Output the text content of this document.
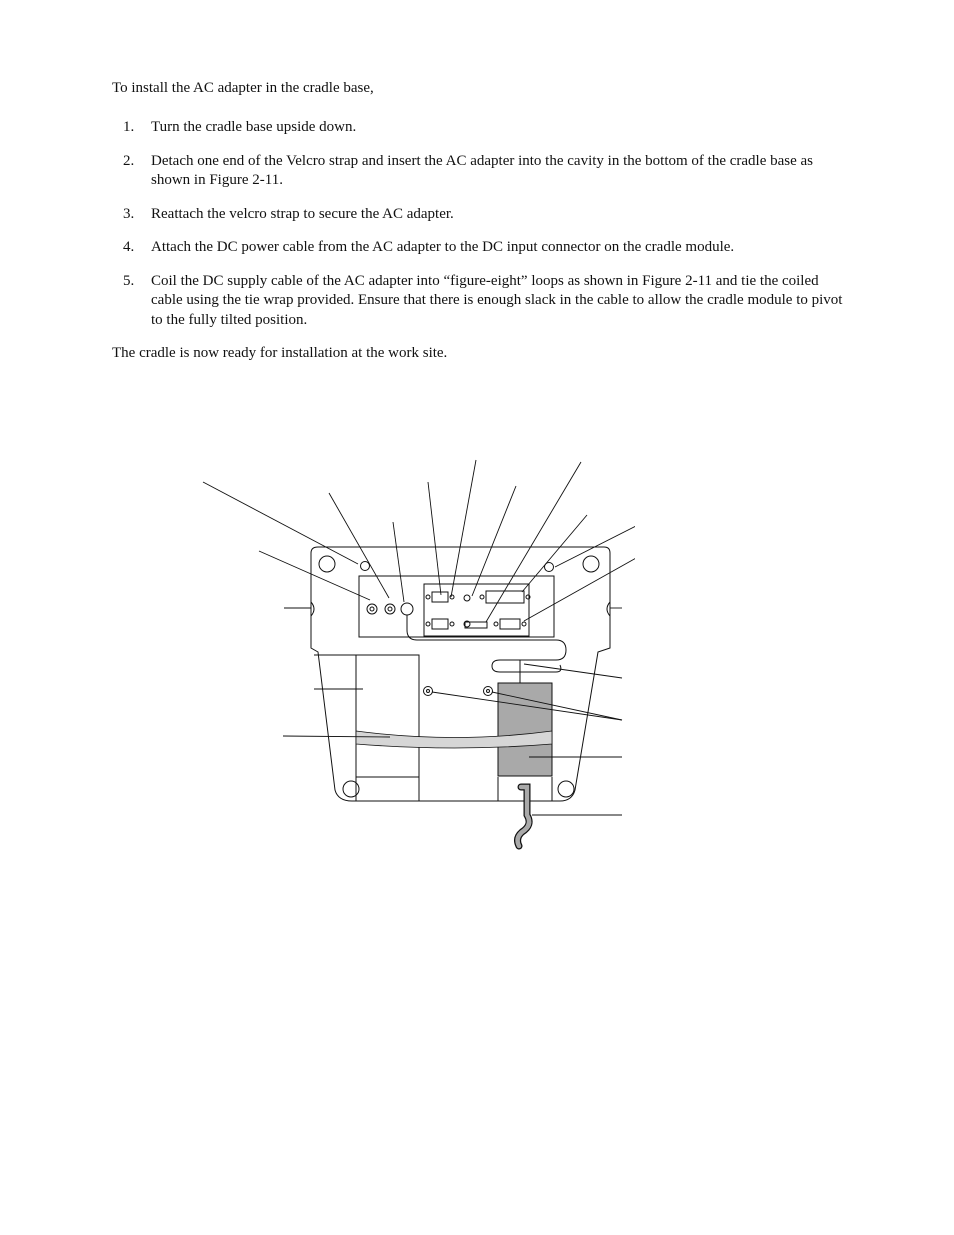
To install the AC adapter in the cradle base,

1. Turn the cradle base upside down.
2. Detach one end of the Velcro strap and insert the AC adapter into the cavity in the bottom of the cradle base as shown in Figure 2-11.
3. Reattach the velcro strap to secure the AC adapter.
4. Attach the DC power cable from the AC adapter to the DC input connector on the cradle module.
5. Coil the DC supply cable of the AC adapter into “figure-eight” loops as shown in Figure 2-11 and tie the coiled cable using the tie wrap provided. Ensure that there is enough slack in the cable to allow the cradle module to pivot to the fully tilted position.

The cradle is now ready for installation at the work site.
